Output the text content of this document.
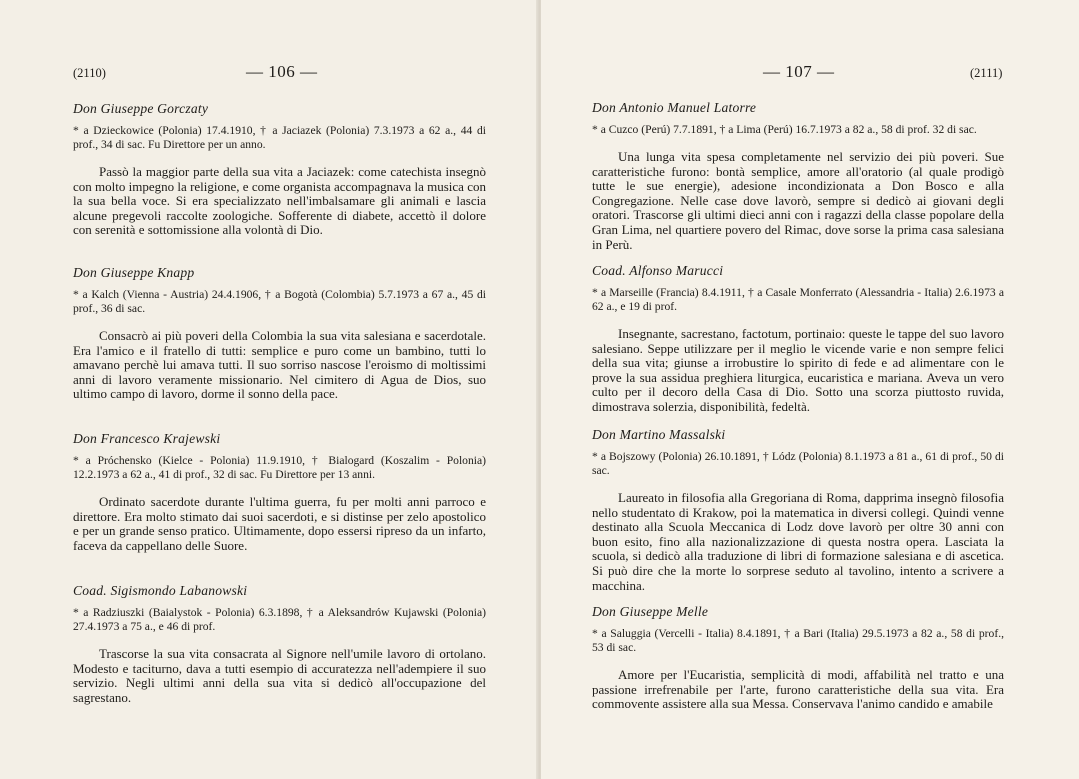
(2110)	— 106 —

Don Giuseppe Gorczaty

* a Dzieckowice (Polonia) 17.4.1910, † a Jaciazek (Polonia) 7.3.1973 a 62 a., 44 di prof., 34 di sac. Fu Direttore per un anno.

Passò la maggior parte della sua vita a Jaciazek: come catechista insegnò con molto impegno la religione, e come organista accompagnava la musica con la sua bella voce. Si era specializzato nell'imbalsamare gli animali e lascia alcune pregevoli raccolte zoologiche. Sofferente di diabete, accettò il dolore con serenità e sottomissione alla volontà di Dio.

Don Giuseppe Knapp

* a Kalch (Vienna - Austria) 24.4.1906, † a Bogotà (Colombia) 5.7.1973 a 67 a., 45 di prof., 36 di sac.

Consacrò ai più poveri della Colombia la sua vita salesiana e sacerdotale. Era l'amico e il fratello di tutti: semplice e puro come un bambino, tutti lo amavano perchè lui amava tutti. Il suo sorriso nascose l'eroismo di moltissimi anni di lavoro veramente missionario. Nel cimitero di Agua de Dios, suo ultimo campo di lavoro, dorme il sonno della pace.

Don Francesco Krajewski

* a Próchensko (Kielce - Polonia) 11.9.1910, † Bialogard (Koszalim - Polonia) 12.2.1973 a 62 a., 41 di prof., 32 di sac. Fu Direttore per 13 anni.

Ordinato sacerdote durante l'ultima guerra, fu per molti anni parroco e direttore. Era molto stimato dai suoi sacerdoti, e si distinse per zelo apostolico e per un grande senso pratico. Ultimamente, dopo essersi ripreso da un infarto, faceva da cappellano delle Suore.

Coad. Sigismondo Labanowski

* a Radziuszki (Baialystok - Polonia) 6.3.1898, † a Aleksandrów Kujawski (Polonia) 27.4.1973 a 75 a., e 46 di prof.

Trascorse la sua vita consacrata al Signore nell'umile lavoro di ortolano. Modesto e taciturno, dava a tutti esempio di accuratezza nell'adempiere il suo servizio. Negli ultimi anni della sua vita si dedicò all'occupazione del sagrestano.

— 107 —	(2111)

Don Antonio Manuel Latorre

* a Cuzco (Perú) 7.7.1891, † a Lima (Perú) 16.7.1973 a 82 a., 58 di prof. 32 di sac.

Una lunga vita spesa completamente nel servizio dei più poveri. Sue caratteristiche furono: bontà semplice, amore all'oratorio (al quale prodigò tutte le sue energie), adesione incondizionata a Don Bosco e alla Congregazione. Nelle case dove lavorò, sempre si dedicò ai giovani degli oratori. Trascorse gli ultimi dieci anni con i ragazzi della classe popolare della Gran Lima, nel quartiere povero del Rimac, dove sorse la prima casa salesiana in Perù.

Coad. Alfonso Marucci

* a Marseille (Francia) 8.4.1911, † a Casale Monferrato (Alessandria - Italia) 2.6.1973 a 62 a., e 19 di prof.

Insegnante, sacrestano, factotum, portinaio: queste le tappe del suo lavoro salesiano. Seppe utilizzare per il meglio le vicende varie e non sempre felici della sua vita; giunse a irrobustire lo spirito di fede e ad alimentare con le prove la sua assidua preghiera liturgica, eucaristica e mariana. Aveva un vero culto per il decoro della Casa di Dio. Sotto una scorza piuttosto ruvida, dimostrava solerzia, disponibilità, fedeltà.

Don Martino Massalski

* a Bojszowy (Polonia) 26.10.1891, † Lódz (Polonia) 8.1.1973 a 81 a., 61 di prof., 50 di sac.

Laureato in filosofia alla Gregoriana di Roma, dapprima insegnò filosofia nello studentato di Krakow, poi la matematica in diversi collegi. Quindi venne destinato alla Scuola Meccanica di Lodz dove lavorò per oltre 30 anni con buon esito, fino alla nazionalizzazione di questa nostra opera. Lasciata la scuola, si dedicò alla traduzione di libri di formazione salesiana e di ascetica. Si può dire che la morte lo sorprese seduto al tavolino, intento a scrivere a macchina.

Don Giuseppe Melle

* a Saluggia (Vercelli - Italia) 8.4.1891, † a Bari (Italia) 29.5.1973 a 82 a., 58 di prof., 53 di sac.

Amore per l'Eucaristia, semplicità di modi, affabilità nel tratto e una passione irrefrenabile per l'arte, furono caratteristiche della sua vita. Era commovente assistere alla sua Messa. Conservava l'animo candido e amabile
